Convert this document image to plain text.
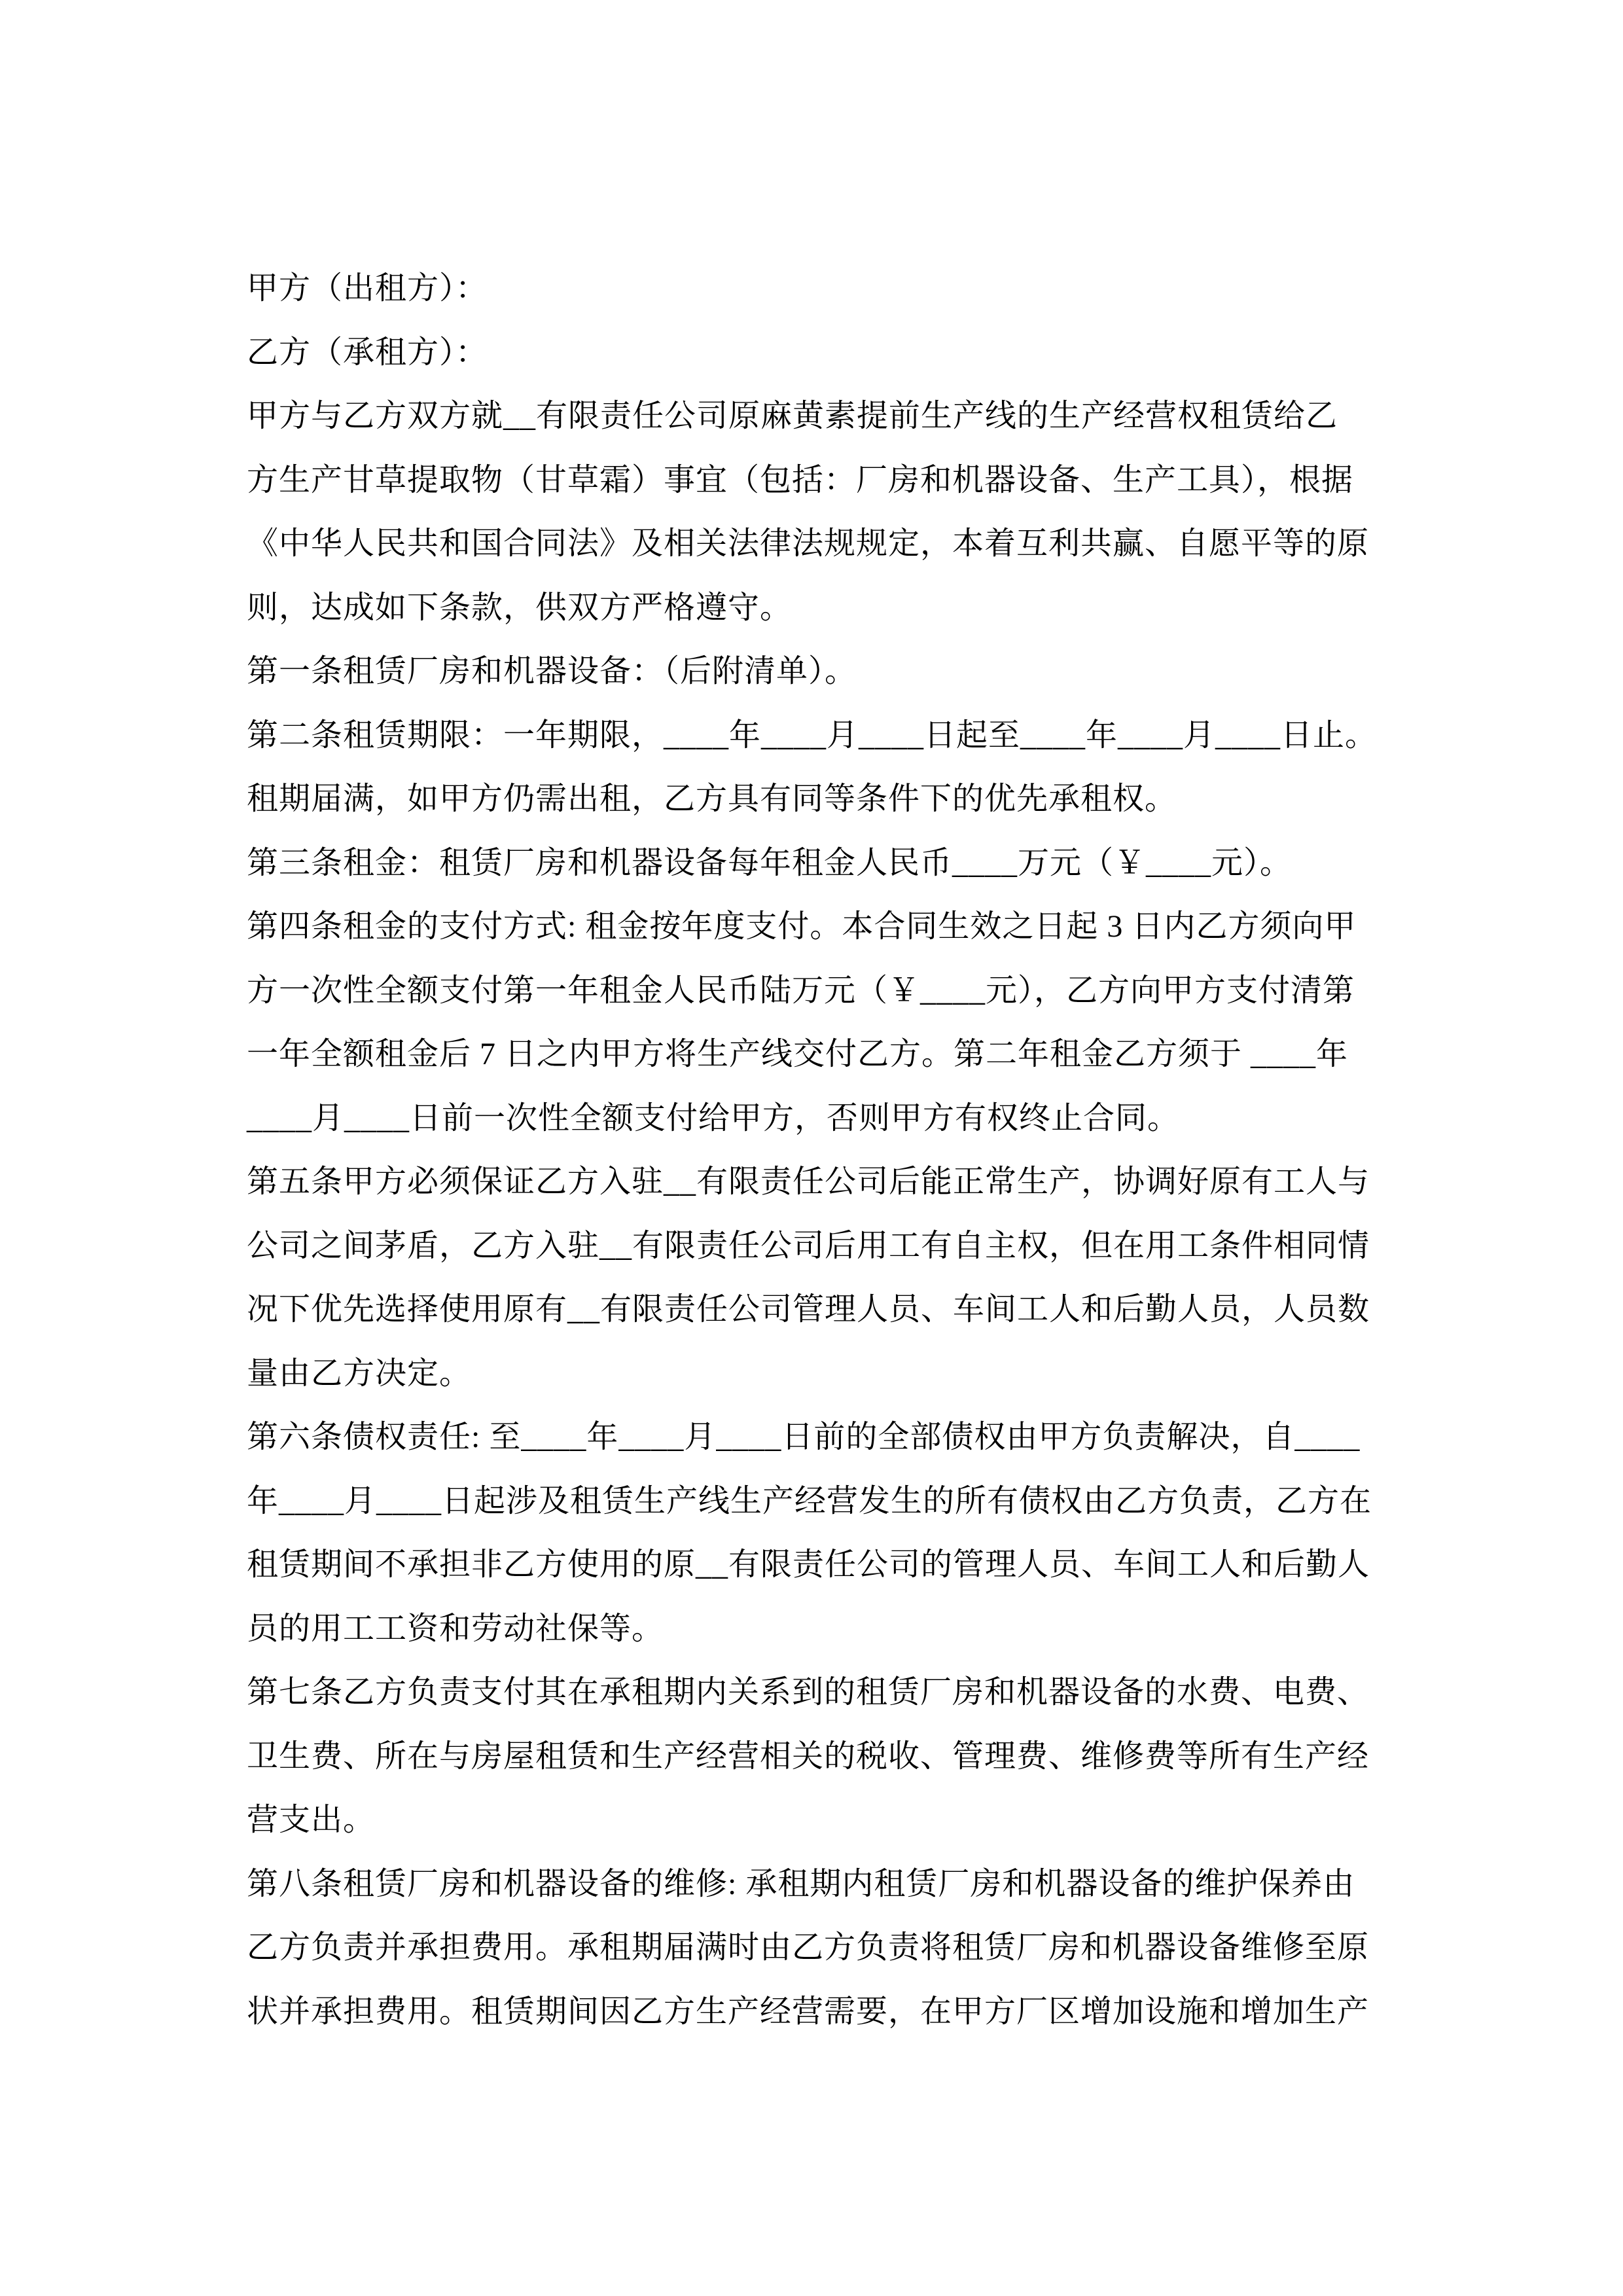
甲方（出租方）：
乙方（承租方）：
甲方与乙方双方就__有限责任公司原麻黄素提前生产线的生产经营权租赁给乙
方生产甘草提取物（甘草霜）事宜（包括：厂房和机器设备、生产工具），根据
《中华人民共和国合同法》及相关法律法规规定，本着互利共赢、自愿平等的原
则，达成如下条款，供双方严格遵守。
第一条租赁厂房和机器设备：（后附清单）。
第二条租赁期限：一年期限，____年____月____日起至____年____月____日止。
租期届满，如甲方仍需出租，乙方具有同等条件下的优先承租权。
第三条租金：租赁厂房和机器设备每年租金人民币____万元（￥____元）。
第四条租金的支付方式: 租金按年度支付。本合同生效之日起 3 日内乙方须向甲
方一次性全额支付第一年租金人民币陆万元（￥____元），乙方向甲方支付清第
一年全额租金后 7 日之内甲方将生产线交付乙方。第二年租金乙方须于 ____年
____月____日前一次性全额支付给甲方，否则甲方有权终止合同。
第五条甲方必须保证乙方入驻__有限责任公司后能正常生产，协调好原有工人与
公司之间茅盾，乙方入驻__有限责任公司后用工有自主权，但在用工条件相同情
况下优先选择使用原有__有限责任公司管理人员、车间工人和后勤人员，人员数
量由乙方决定。
第六条债权责任: 至____年____月____日前的全部债权由甲方负责解决，自____
年____月____日起涉及租赁生产线生产经营发生的所有债权由乙方负责，乙方在
租赁期间不承担非乙方使用的原__有限责任公司的管理人员、车间工人和后勤人
员的用工工资和劳动社保等。
第七条乙方负责支付其在承租期内关系到的租赁厂房和机器设备的水费、电费、
卫生费、所在与房屋租赁和生产经营相关的税收、管理费、维修费等所有生产经
营支出。
第八条租赁厂房和机器设备的维修: 承租期内租赁厂房和机器设备的维护保养由
乙方负责并承担费用。承租期届满时由乙方负责将租赁厂房和机器设备维修至原
状并承担费用。租赁期间因乙方生产经营需要，在甲方厂区增加设施和增加生产
